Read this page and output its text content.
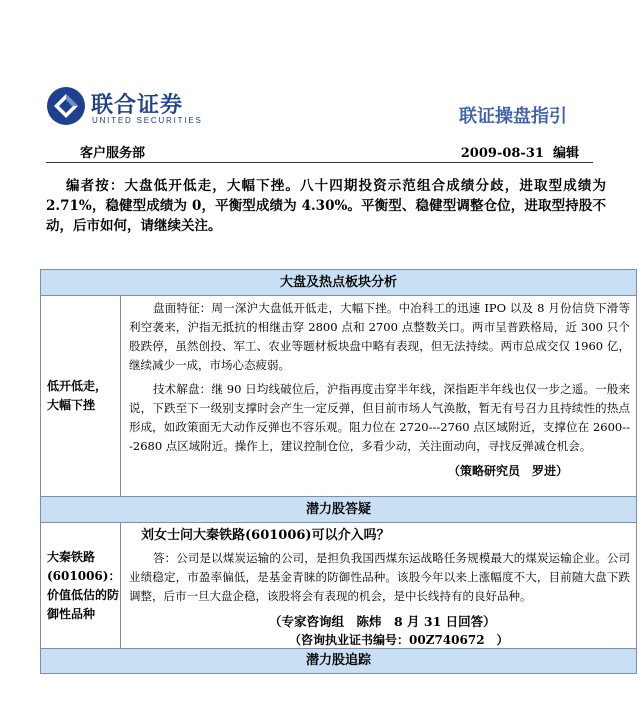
联合证券
UNITED SECURITIES	联证操盘指引
客户服务部	2009-08-31 编辑
编者按：大盘低开低走，大幅下挫。八十四期投资示范组合成绩分歧，进取型成绩为2.71%，稳健型成绩为 0，平衡型成绩为 4.30%。平衡型、稳健型调整仓位，进取型持股不动，后市如何，请继续关注。
大盘及热点板块分析
低开低走，大幅下挫
盘面特征：周一深沪大盘低开低走，大幅下挫。中冶科工的迅速 IPO 以及 8 月份信贷下滑等利空袭来，沪指无抵抗的相继击穿 2800 点和 2700 点整数关口。两市呈普跌格局，近 300 只个股跌停，虽然创投、军工、农业等题材板块盘中略有表现，但无法持续。两市总成交仅 1960 亿，继续减少一成，市场心态疲弱。
技术解盘：继 90 日均线破位后，沪指再度击穿半年线，深指距半年线也仅一步之遥。一般来说，下跌至下一级别支撑时会产生一定反弹，但目前市场人气涣散，暂无有号召力且持续性的热点形成，如政策面无大动作反弹也不容乐观。阻力位在 2720---2760 点区域附近，支撑位在 2600---2680 点区域附近。操作上，建议控制仓位，多看少动，关注面动向，寻找反弹减仓机会。
（策略研究员　罗进）
潜力股答疑
大秦铁路(601006)：价值低估的防御性品种
刘女士问大秦铁路(601006)可以介入吗？
答：公司是以煤炭运输的公司，是担负我国西煤东运战略任务规模最大的煤炭运输企业。公司业绩稳定，市盈率偏低，是基金青睐的防御性品种。该股今年以来上涨幅度不大，目前随大盘下跌调整，后市一旦大盘企稳，该股将会有表现的机会，是中长线持有的良好品种。
（专家咨询组　陈炜　8 月 31 日回答）
（咨询执业证书编号：00Z740672　）
潜力股追踪
